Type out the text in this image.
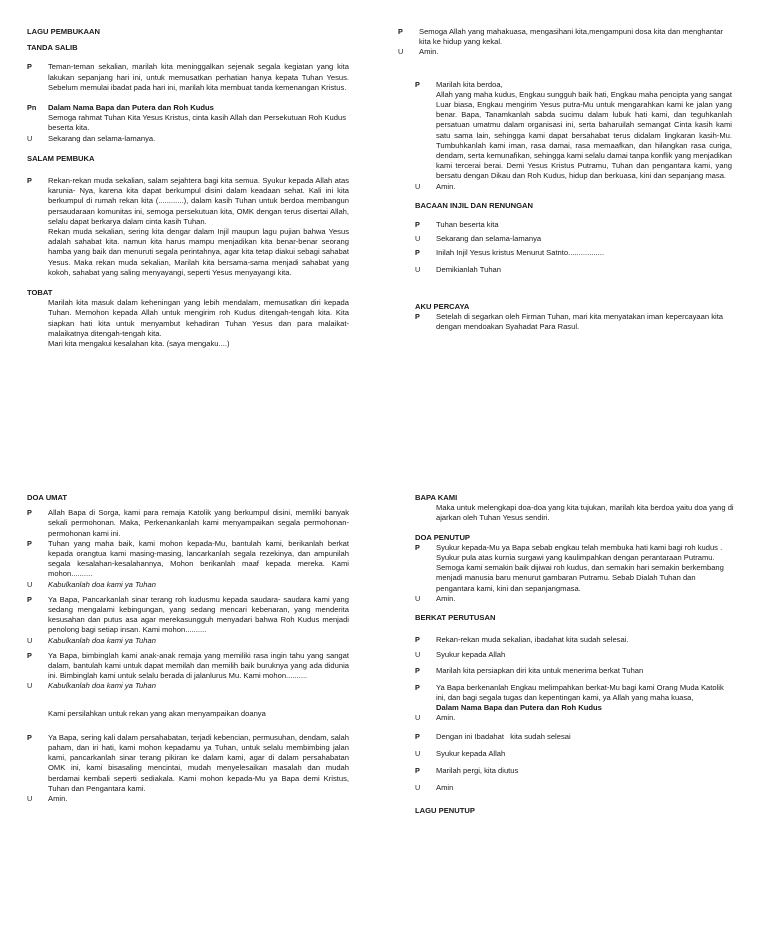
LAGU PEMBUKAAN

TANDA SALIB

P	Teman-teman sekalian, marilah kita meninggalkan sejenak segala kegiatan yang kita lakukan sepanjang hari ini, untuk memusatkan perhatian hanya kepata Tuhan Yesus. Sebelum memulai ibadat pada hari ini, marilah kita membuat tanda kemenangan Kristus.

Pn	Dalam Nama Bapa dan Putera dan Roh Kudus

Semoga rahmat Tuhan Kita Yesus Kristus, cinta kasih Allah dan Persekutuan Roh Kudus beserta kita.

U	Sekarang dan selama-lamanya.

SALAM PEMBUKA

P	Rekan-rekan muda sekalian, salam sejahtera bagi kita semua. Syukur kepada Allah atas karunia- Nya, karena kita dapat berkumpul disini dalam keadaan sehat. Kali ini kita berkumpul di rumah rekan kita (............), dalam kasih Tuhan untuk berdoa membangun persaudaraan komunitas ini, semoga persekutuan kita, OMK dengan terus disertai Allah, selalu dapat berkarya dalam cinta kasih Tuhan.

Rekan muda sekalian, sering kita dengar dalam Injil maupun lagu pujian bahwa Yesus adalah sahabat kita. namun kita harus mampu menjadikan kita benar-benar seorang hamba yang baik dan menuruti segala perintahnya, agar kita tetap diakui sebagi sahabat Yesus. Maka rekan muda sekalian, Marilah kita bersama-sama menjadi sahabat yang kokoh, sahabat yang saling menyayangi, seperti Yesus menyayangi kita.

TOBAT

Marilah kita masuk dalam keheningan yang lebih mendalam, memusatkan diri kepada Tuhan. Memohon kepada Allah untuk mengirim roh Kudus ditengah-tengah kita. Kita siapkan hati kita untuk menyambut kehadiran Tuhan Yesus dan para malaikat-malaikatnya ditengah-tengah kita.

Mari kita mengakui kesalahan kita. (saya mengaku....)

P	Semoga Allah yang mahakuasa, mengasihani kita,mengampuni dosa kita dan menghantar kita ke hidup yang kekal.

U	Amin.

P	Marilah kita berdoa,

Allah yang maha kudus, Engkau sungguh baik hati, Engkau maha pencipta yang sangat Luar biasa, Engkau mengirim Yesus putra-Mu untuk mengarahkan kami ke jalan yang benar. Bapa, Tanamkanlah sabda sucimu dalam lubuk hati kami, dan teguhkanlah persatuan umatmu dalam organisasi ini, serta baharuilah semangat Cinta kasih kami satu sama lain, sehingga kami dapat bersahabat terus didalam lingkaran kasih-Mu. Tumbuhkanlah kami iman, rasa damai, rasa memaafkan, dan hilangkan rasa curiga, dendam, serta kemunafikan, sehingga kami selalu damai tanpa konflik yang menjadikan kami tercerai berai. Demi Yesus Kristus Putramu, Tuhan dan pengantara kami, yang bersatu dengan Dikau dan Roh Kudus, hidup dan berkuasa, kini dan sepanjang masa.

U	Amin.

BACAAN INJIL DAN RENUNGAN

P	Tuhan beserta kita

U	Sekarang dan selama-lamanya

P	Inilah Injil Yesus kristus Menurut Satnto.................

U	Demikianlah Tuhan

AKU PERCAYA

P	Setelah di segarkan oleh Firman Tuhan, mari kita menyatakan iman kepercayaan kita dengan mendoakan Syahadat Para Rasul.

DOA UMAT

P	Allah Bapa di Sorga, kami para remaja Katolik yang berkumpul disini, memliki banyak sekali permohonan. Maka, Perkenankanlah kami menyampaikan segala permohonan-permohonan kami ini.

P	Tuhan yang maha baik, kami mohon kepada-Mu, bantulah kami, berikanlah berkat kepada orangtua kami masing-masing, lancarkanlah segala rezekinya, dan ampunilah segala kesalahan-kesalahannya, Mohon berikanlah maaf kepada mereka. Kami mohon..........

U	Kabulkanlah doa kami ya Tuhan

P	Ya Bapa, Pancarkanlah sinar terang roh kudusmu kepada saudara- saudara kami yang sedang mengalami kebingungan, yang sedang mencari kebenaran, yang menderita kesusahan dan putus asa agar merekasungguh menyadari bahwa Roh Kudus menjadi penolong bagi setiap insan. Kami mohon..........

U	Kabulkanlah doa kami ya Tuhan

P	Ya Bapa, bimbinglah kami anak-anak remaja yang memiliki rasa ingin tahu yang sangat dalam, bantulah kami untuk dapat memilah dan memilih baik buruknya yang ada didunia ini. Bimbinglah kami untuk selalu berada di jalanlurus Mu. Kami mohon..........

U	Kabulkanlah doa kami ya Tuhan

Kami persilahkan untuk rekan yang akan menyampaikan doanya

P	Ya Bapa, sering kali dalam persahabatan, terjadi kebencian, permusuhan, dendam, salah paham, dan iri hati, kami mohon kepadamu ya Tuhan, untuk selalu membimbing jalan kami, pancarkanlah sinar terang pikiran ke dalam kami, agar di dalam persahabatan OMK ini, kami bisasaling mencintai, mudah menyelesaikan masalah dan mudah berdamai kembali seperti sediakala. Kami mohon kepada-Mu ya Bapa demi Kristus, Tuhan dan Pengantara kami.

U	Amin.

BAPA KAMI

Maka untuk melengkapi doa-doa yang kita tujukan, marilah kita berdoa yaitu doa yang di ajarkan oleh Tuhan Yesus sendiri.

DOA PENUTUP

P	Syukur kepada-Mu ya Bapa sebab engkau telah membuka hati kami bagi roh kudus . Syukur pula atas kurnia surgawi yang kaulimpahkan dengan perantaraan Putramu. Semoga kami semakin baik dijiwai roh kudus, dan semakin hari semakin berkembang menjadi manusia baru menurut gambaran Putramu. Sebab Dialah Tuhan dan pengantara kami, kini dan sepanjangmasa.

U	Amin.

BERKAT PERUTUSAN

P	Rekan-rekan muda sekalian, ibadahat kita sudah selesai.

U	Syukur kepada Allah

P	Marilah kita persiapkan diri kita untuk menerima berkat Tuhan

P	Ya Bapa berkenanlah Engkau melimpahkan berkat-Mu bagi kami Orang Muda Katolik ini, dan bagi segala tugas dan kepentingan kami, ya Allah yang maha kuasa,

Dalam Nama Bapa dan Putera dan Roh Kudus

U	Amin.

P	Dengan ini Ibadahat   kita sudah selesai

U	Syukur kepada Allah

P	Marilah pergi, kita diutus

U	Amin

LAGU PENUTUP
